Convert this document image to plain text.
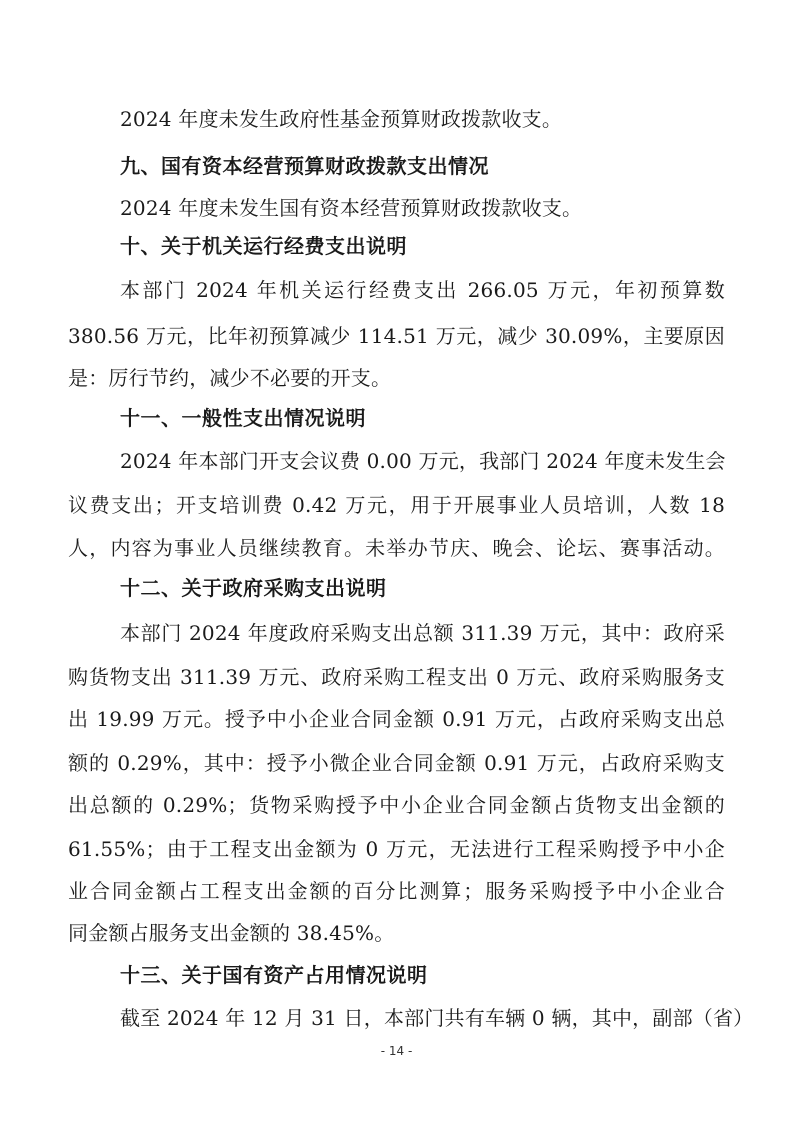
2024 年度未发生政府性基金预算财政拨款收支。
九、国有资本经营预算财政拨款支出情况
2024 年度未发生国有资本经营预算财政拨款收支。
十、关于机关运行经费支出说明
本部门 2024 年机关运行经费支出 266.05 万元，年初预算数
380.56 万元，比年初预算减少 114.51 万元，减少 30.09%，主要原因
是：厉行节约，减少不必要的开支。
十一、一般性支出情况说明
2024 年本部门开支会议费 0.00 万元，我部门 2024 年度未发生会
议费支出；开支培训费 0.42 万元，用于开展事业人员培训，人数 18
人，内容为事业人员继续教育。未举办节庆、晚会、论坛、赛事活动。
十二、关于政府采购支出说明
本部门 2024 年度政府采购支出总额 311.39 万元，其中：政府采
购货物支出 311.39 万元、政府采购工程支出 0 万元、政府采购服务支
出 19.99 万元。授予中小企业合同金额 0.91 万元，占政府采购支出总
额的 0.29%，其中：授予小微企业合同金额 0.91 万元，占政府采购支
出总额的 0.29%；货物采购授予中小企业合同金额占货物支出金额的
61.55%；由于工程支出金额为 0 万元，无法进行工程采购授予中小企
业合同金额占工程支出金额的百分比测算；服务采购授予中小企业合
同金额占服务支出金额的 38.45%。
十三、关于国有资产占用情况说明
截至 2024 年 12 月 31 日，本部门共有车辆 0 辆，其中，副部（省）
- 14 -
